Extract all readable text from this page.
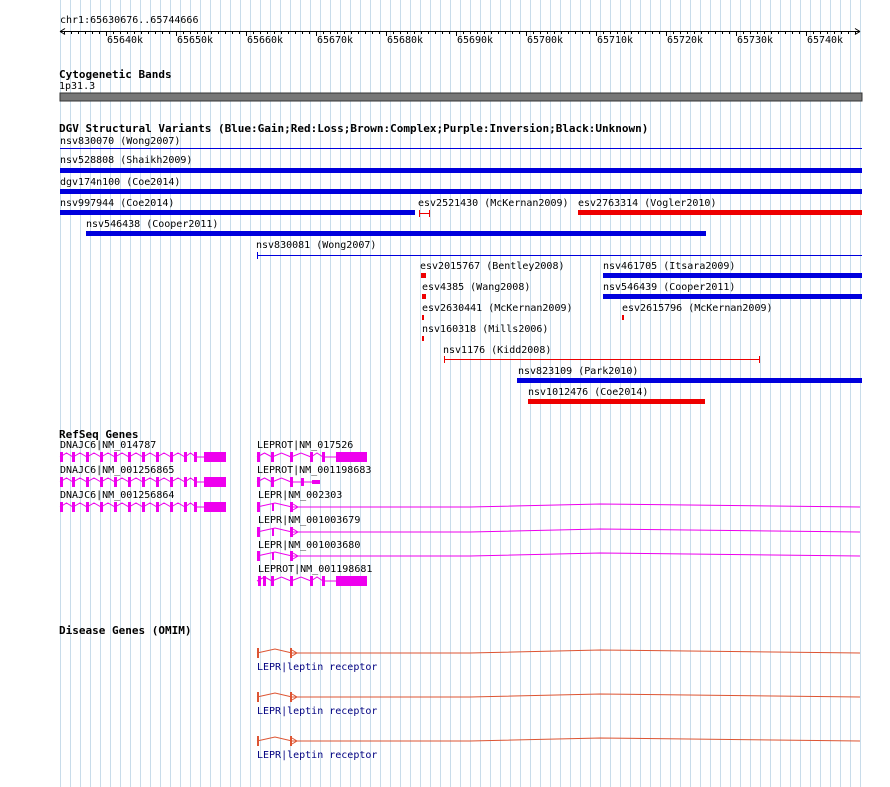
chr1:65630676..65744666
65640k	65650k	65660k	65670k	65680k	65690k	65700k	65710k	65720k	65730k	65740k
Cytogenetic Bands
1p31.3
DGV Structural Variants (Blue:Gain;Red:Loss;Brown:Complex;Purple:Inversion;Black:Unknown)
nsv830070 (Wong2007)
nsv528808 (Shaikh2009)
dgv174n100 (Coe2014)
nsv997944 (Coe2014)	esv2521430 (McKernan2009) esv2763314 (Vogler2010)
nsv546438 (Cooper2011)
nsv830081 (Wong2007)
esv2015767 (Bentley2008)	nsv461705 (Itsara2009)
esv4385 (Wang2008)	nsv546439 (Cooper2011)
esv2630441 (McKernan2009)	esv2615796 (McKernan2009)
nsv160318 (Mills2006)
nsv1176 (Kidd2008)
nsv823109 (Park2010)
nsv1012476 (Coe2014)
RefSeq Genes
DNAJC6|NM_014787	LEPROT|NM_017526
DNAJC6|NM_001256865	LEPROT|NM_001198683
DNAJC6|NM_001256864	LEPR|NM_002303
LEPR|NM_001003679
LEPR|NM_001003680
LEPROT|NM_001198681
Disease Genes (OMIM)
LEPR|leptin receptor
LEPR|leptin receptor
LEPR|leptin receptor
